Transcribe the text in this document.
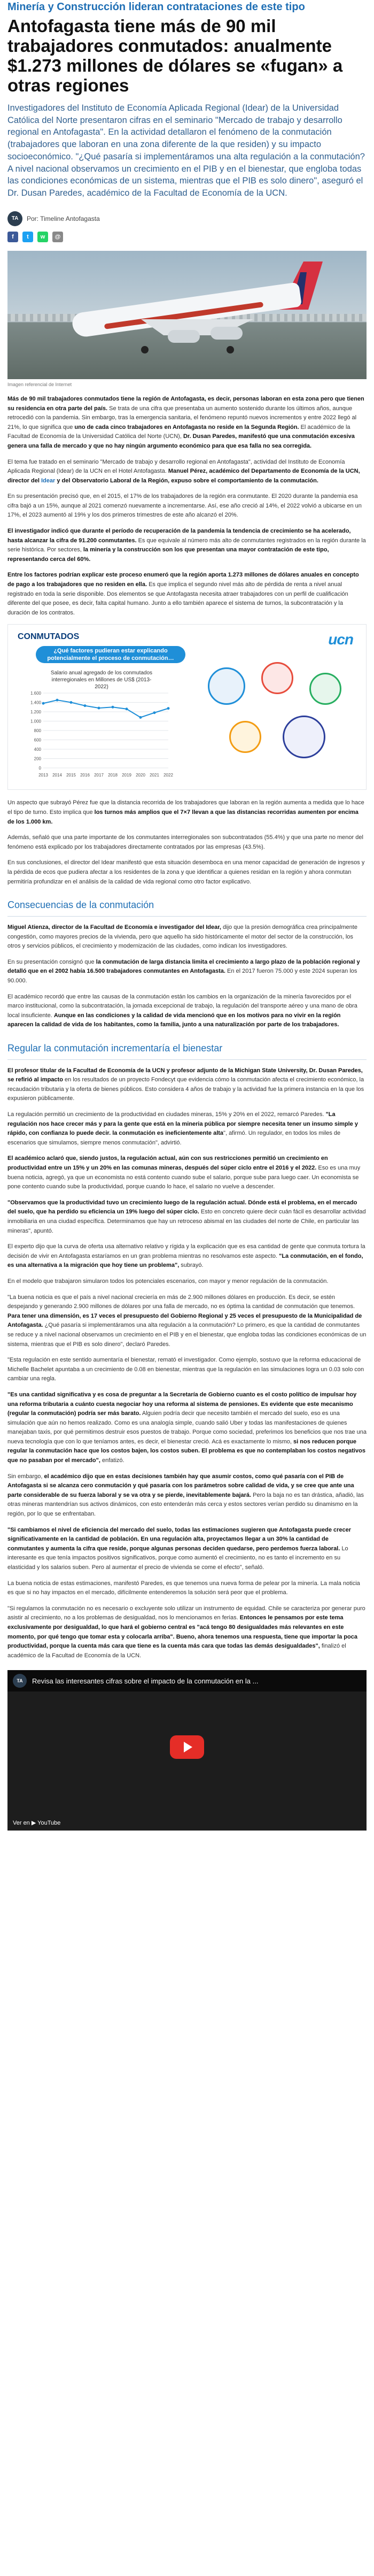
Minería y Construcción lideran contrataciones de este tipo
Antofagasta tiene más de 90 mil trabajadores conmutados: anualmente $1.273 millones de dólares se «fugan» a otras regiones

Investigadores del Instituto de Economía Aplicada Regional (Idear) de la Universidad Católica del Norte presentaron cifras en el seminario "Mercado de trabajo y desarrollo regional en Antofagasta". En la actividad detallaron el fenómeno de la conmutación (trabajadores que laboran en una zona diferente de la que residen) y su impacto socioeconómico. "¿Qué pasaría si implementáramos una alta regulación a la conmutación? A nivel nacional observamos un crecimiento en el PIB y en el bienestar, que engloba todas las condiciones económicas de un sistema, mientras que el PIB es solo dinero", aseguró el Dr. Dusan Paredes, académico de la Facultad de Economía de la UCN.

TA	Por: Timeline Antofagasta
f	t	w	@
Imagen referencial de Internet

Más de 90 mil trabajadores conmutados tiene la región de Antofagasta, es decir, personas laboran en esta zona pero que tienen su residencia en otra parte del país. Se trata de una cifra que presentaba un aumento sostenido durante los últimos años, aunque retrocedió con la pandemia. Sin embargo, tras la emergencia sanitaria, el fenómeno repuntó nuevos incrementos y entre 2022 llegó al 21%, lo que significa que uno de cada cinco trabajadores en Antofagasta no reside en la Segunda Región. El académico de la Facultad de Economía de la Universidad Católica del Norte (UCN), Dr. Dusan Paredes, manifestó que una conmutación excesiva genera una falla de mercado y que no hay ningún argumento económico para que esa falla no sea corregida.

El tema fue tratado en el seminario "Mercado de trabajo y desarrollo regional en Antofagasta", actividad del Instituto de Economía Aplicada Regional (Idear) de la UCN en el Hotel Antofagasta. Manuel Pérez, académico del Departamento de Economía de la UCN, director del Idear y del Observatorio Laboral de la Región, expuso sobre el comportamiento de la conmutación.

En su presentación precisó que, en el 2015, el 17% de los trabajadores de la región era conmutante. El 2020 durante la pandemia esa cifra bajó a un 15%, aunque al 2021 comenzó nuevamente a incrementarse. Así, ese año creció al 14%, el 2022 volvió a ubicarse en un 17%, el 2023 aumentó al 19% y los dos primeros trimestres de este año alcanzó el 20%.

El investigador indicó que durante el período de recuperación de la pandemia la tendencia de crecimiento se ha acelerado, hasta alcanzar la cifra de 91.200 conmutantes. Es que equivale al número más alto de conmutantes registrados en la región durante la serie histórica. Por sectores, la minería y la construcción son los que presentan una mayor contratación de este tipo, representando cerca del 60%.

Entre los factores podrían explicar este proceso enumeró que la región aporta 1.273 millones de dólares anuales en concepto de pago a los trabajadores que no residen en ella. Es que implica el segundo nivel más alto de pérdida de renta a nivel anual registrado en toda la serie disponible. Dos elementos se que Antofagasta necesita atraer trabajadores con un perfil de cualificación diferente del que posee, es decir, falta capital humano. Junto a ello también aparece el sistema de turnos, la subcontratación y la duración de los contratos.

CONMUTADOS	ucn
¿Qué factores pudieran estar explicando potencialmente el proceso de conmutación…
Salario anual agregado de los conmutados interregionales en Millones de US$ (2013-2022)
1.600
1.400
1.200
1.000
800
600
400
200
0
2013 2014 2015 2016 2017 2018 2019 2020 2021 2022

Un aspecto que subrayó Pérez fue que la distancia recorrida de los trabajadores que laboran en la región aumenta a medida que lo hace el tipo de turno. Esto implica que los turnos más amplios que el 7×7 llevan a que las distancias recorridas aumenten por encima de los 1.000 km.

Además, señaló que una parte importante de los conmutantes interregionales son subcontratados (55.4%) y que una parte no menor del fenómeno está explicado por los trabajadores directamente contratados por las empresas (43.5%).

En sus conclusiones, el director del Idear manifestó que esta situación desemboca en una menor capacidad de generación de ingresos y la pérdida de ecos que pudiera afectar a los residentes de la zona y que identificar a quienes residan en la región y ahora conmutan permitiría profundizar en el análisis de la calidad de vida regional como otro factor explicativo.

Consecuencias de la conmutación

Miguel Atienza, director de la Facultad de Economía e investigador del Idear, dijo que la presión demográfica crea principalmente congestión, como mayores precios de la vivienda, pero que aquello ha sido históricamente el motor del sector de la construcción, los otros y servicios públicos, el crecimiento y modernización de las ciudades, como indican los investigadores.

En su presentación consignó que la conmutación de larga distancia limita el crecimiento a largo plazo de la población regional y detalló que en el 2002 había 16.500 trabajadores conmutantes en Antofagasta. En el 2017 fueron 75.000 y este 2024 superan los 90.000.

El académico recordó que entre las causas de la conmutación están los cambios en la organización de la minería favorecidos por el marco institucional, como la subcontratación, la jornada excepcional de trabajo, la regulación del transporte aéreo y una mano de obra local insuficiente. Aunque en las condiciones y la calidad de vida mencionó que en los motivos para no vivir en la región aparecen la calidad de vida de los habitantes, como la familia, junto a una naturalización por parte de los trabajadores.

Regular la conmutación incrementaría el bienestar

El profesor titular de la Facultad de Economía de la UCN y profesor adjunto de la Michigan State University, Dr. Dusan Paredes, se refirió al impacto en los resultados de un proyecto Fondecyt que evidencia cómo la conmutación afecta el crecimiento económico, la recaudación tributaria y la oferta de bienes públicos. Esto considera 4 años de trabajo y la actividad fue la primera instancia en la que los expusieron públicamente.

La regulación permitió un crecimiento de la productividad en ciudades mineras, 15% y 20% en el 2022, remarcó Paredes. "La regulación nos hace crecer más y para la gente que está en la mineria pública por siempre necesita tener un insumo simple y rápido, con confianza lo puede decir. la conmutación es ineficientemente alta", afirmó. Un regulador, en todos los miles de escenarios que simulamos, siempre menos conmutación", advirtió.

El académico aclaró que, siendo justos, la regulación actual, aún con sus restricciones permitió un crecimiento en productividad entre un 15% y un 20% en las comunas mineras, después del súper ciclo entre el 2016 y el 2022. Eso es una muy buena noticia, agregó, ya que un economista no está contento cuando sube el salario, porque sube para luego caer. Un economista se pone contento cuando sube la productividad, porque cuando lo hace, el salario no vuelve a descender.

"Observamos que la productividad tuvo un crecimiento luego de la regulación actual. Dónde está el problema, en el mercado del suelo, que ha perdido su eficiencia un 19% luego del súper ciclo. Esto en concreto quiere decir cuán fácil es desarrollar actividad inmobiliaria en una ciudad específica. Determinamos que hay un retroceso abismal en las ciudades del norte de Chile, en particular las mineras", apuntó.

El experto dijo que la curva de oferta usa alternativo relativo y rígida y la explicación que es esa cantidad de gente que conmuta tortura la decisión de vivir en Antofagasta estaríamos en un gran problema mientras no resolvamos este aspecto. "La conmutación, en el fondo, es una alternativa a la migración que hoy tiene un problema", subrayó.

En el modelo que trabajaron simularon todos los potenciales escenarios, con mayor y menor regulación de la conmutación.

"La buena noticia es que el país a nivel nacional creciería en más de 2.900 millones dólares en producción. Es decir, se estén despejando y generando 2.900 millones de dólares por una falla de mercado, no es óptima la cantidad de conmutación que tenemos. Para tener una dimensión, es 17 veces el presupuesto del Gobierno Regional y 25 veces el presupuesto de la Municipalidad de Antofagasta. ¿Qué pasaría si implementáramos una alta regulación a la conmutación? Lo primero, es que la cantidad de conmutantes se reduce y a nivel nacional observamos un crecimiento en el PIB y en el bienestar, que engloba todas las condiciones económicas de un sistema, mientras que el PIB es solo dinero", declaró Paredes.

"Esta regulación en este sentido aumentaría el bienestar, remató el investigador. Como ejemplo, sostuvo que la reforma educacional de Michelle Bachelet apuntaba a un crecimiento de 0.08 en bienestar, mientras que la regulación en las simulaciones logra un 0.03 solo con cambiar una regla.

"Es una cantidad significativa y es cosa de preguntar a la Secretaría de Gobierno cuanto es el costo político de impulsar hoy una reforma tributaria a cuánto cuesta negociar hoy una reforma al sistema de pensiones. Es evidente que este mecanismo (regular la conmutación) podría ser más barato. Alguien podría decir que necesito también el mercado del suelo, eso es una simulación que aún no hemos realizado. Como es una analogía simple, cuando salió Uber y todas las manifestaciones de quienes manejaban taxis, por qué permitimos destruir esos puestos de trabajo. Porque como sociedad, preferimos los beneficios que nos trae una nueva tecnología que con lo que teníamos antes, es decir, el bienestar creció. Acá es exactamente lo mismo, si nos reducen porque regular la conmutación hace que los costos bajen, los costos suben. El problema es que no contemplaban los costos negativos que no pasaban por el mercado", enfatizó.

Sin embargo, el académico dijo que en estas decisiones también hay que asumir costos, como qué pasaría con el PIB de Antofagasta si se alcanza cero conmutación y qué pasaría con los parámetros sobre calidad de vida, y se cree que ante una parte considerable de su fuerza laboral y se va otra y se pierde, inevitablemente bajará. Pero la baja no es tan drástica, añadió, las otras mineras mantendrían sus activos dinámicos, con esto entenderán más cerca y estos sectores verían perdido su dinamismo en la región, por lo que se enfrentaban.

"Si cambiamos el nivel de eficiencia del mercado del suelo, todas las estimaciones sugieren que Antofagasta puede crecer significativamente en la cantidad de población. En una regulación alta, proyectamos llegar a un 30% la cantidad de conmutantes y aumenta la cifra que reside, porque algunas personas deciden quedarse, pero perdemos fuerza laboral. Lo interesante es que tenía impactos positivos significativos, porque como aumentó el crecimiento, no es tanto el incremento en su elasticidad y los salarios suben. Pero al aumentar el precio de vivienda se come el efecto", señaló.

La buena noticia de estas estimaciones, manifestó Paredes, es que tenemos una nueva forma de pelear por la minería. La mala noticia es que si no hay impactos en el mercado, difícilmente entenderemos la solución será peor que el problema.

"Si regulamos la conmutación no es necesario o excluyente solo utilizar un instrumento de equidad. Chile se caracteriza por generar puro asistir al crecimiento, no a los problemas de desigualdad, nos lo mencionamos en ferias. Entonces le pensamos por este tema exclusivamente por desigualdad, lo que hará el gobierno central es "acá tengo 80 desigualdades más relevantes en este momento, por qué tengo que tomar esta y colocarla arriba". Bueno, ahora tenemos una respuesta, tiene que importar la poca productividad, porque la cuenta más cara que tiene es la cuenta más cara que todas las demás desigualdades", finalizó el académico de la Facultad de Economía de la UCN.

TA	Revisa las interesantes cifras sobre el impacto de la conmutación en la ...
Ver en ▶ YouTube
